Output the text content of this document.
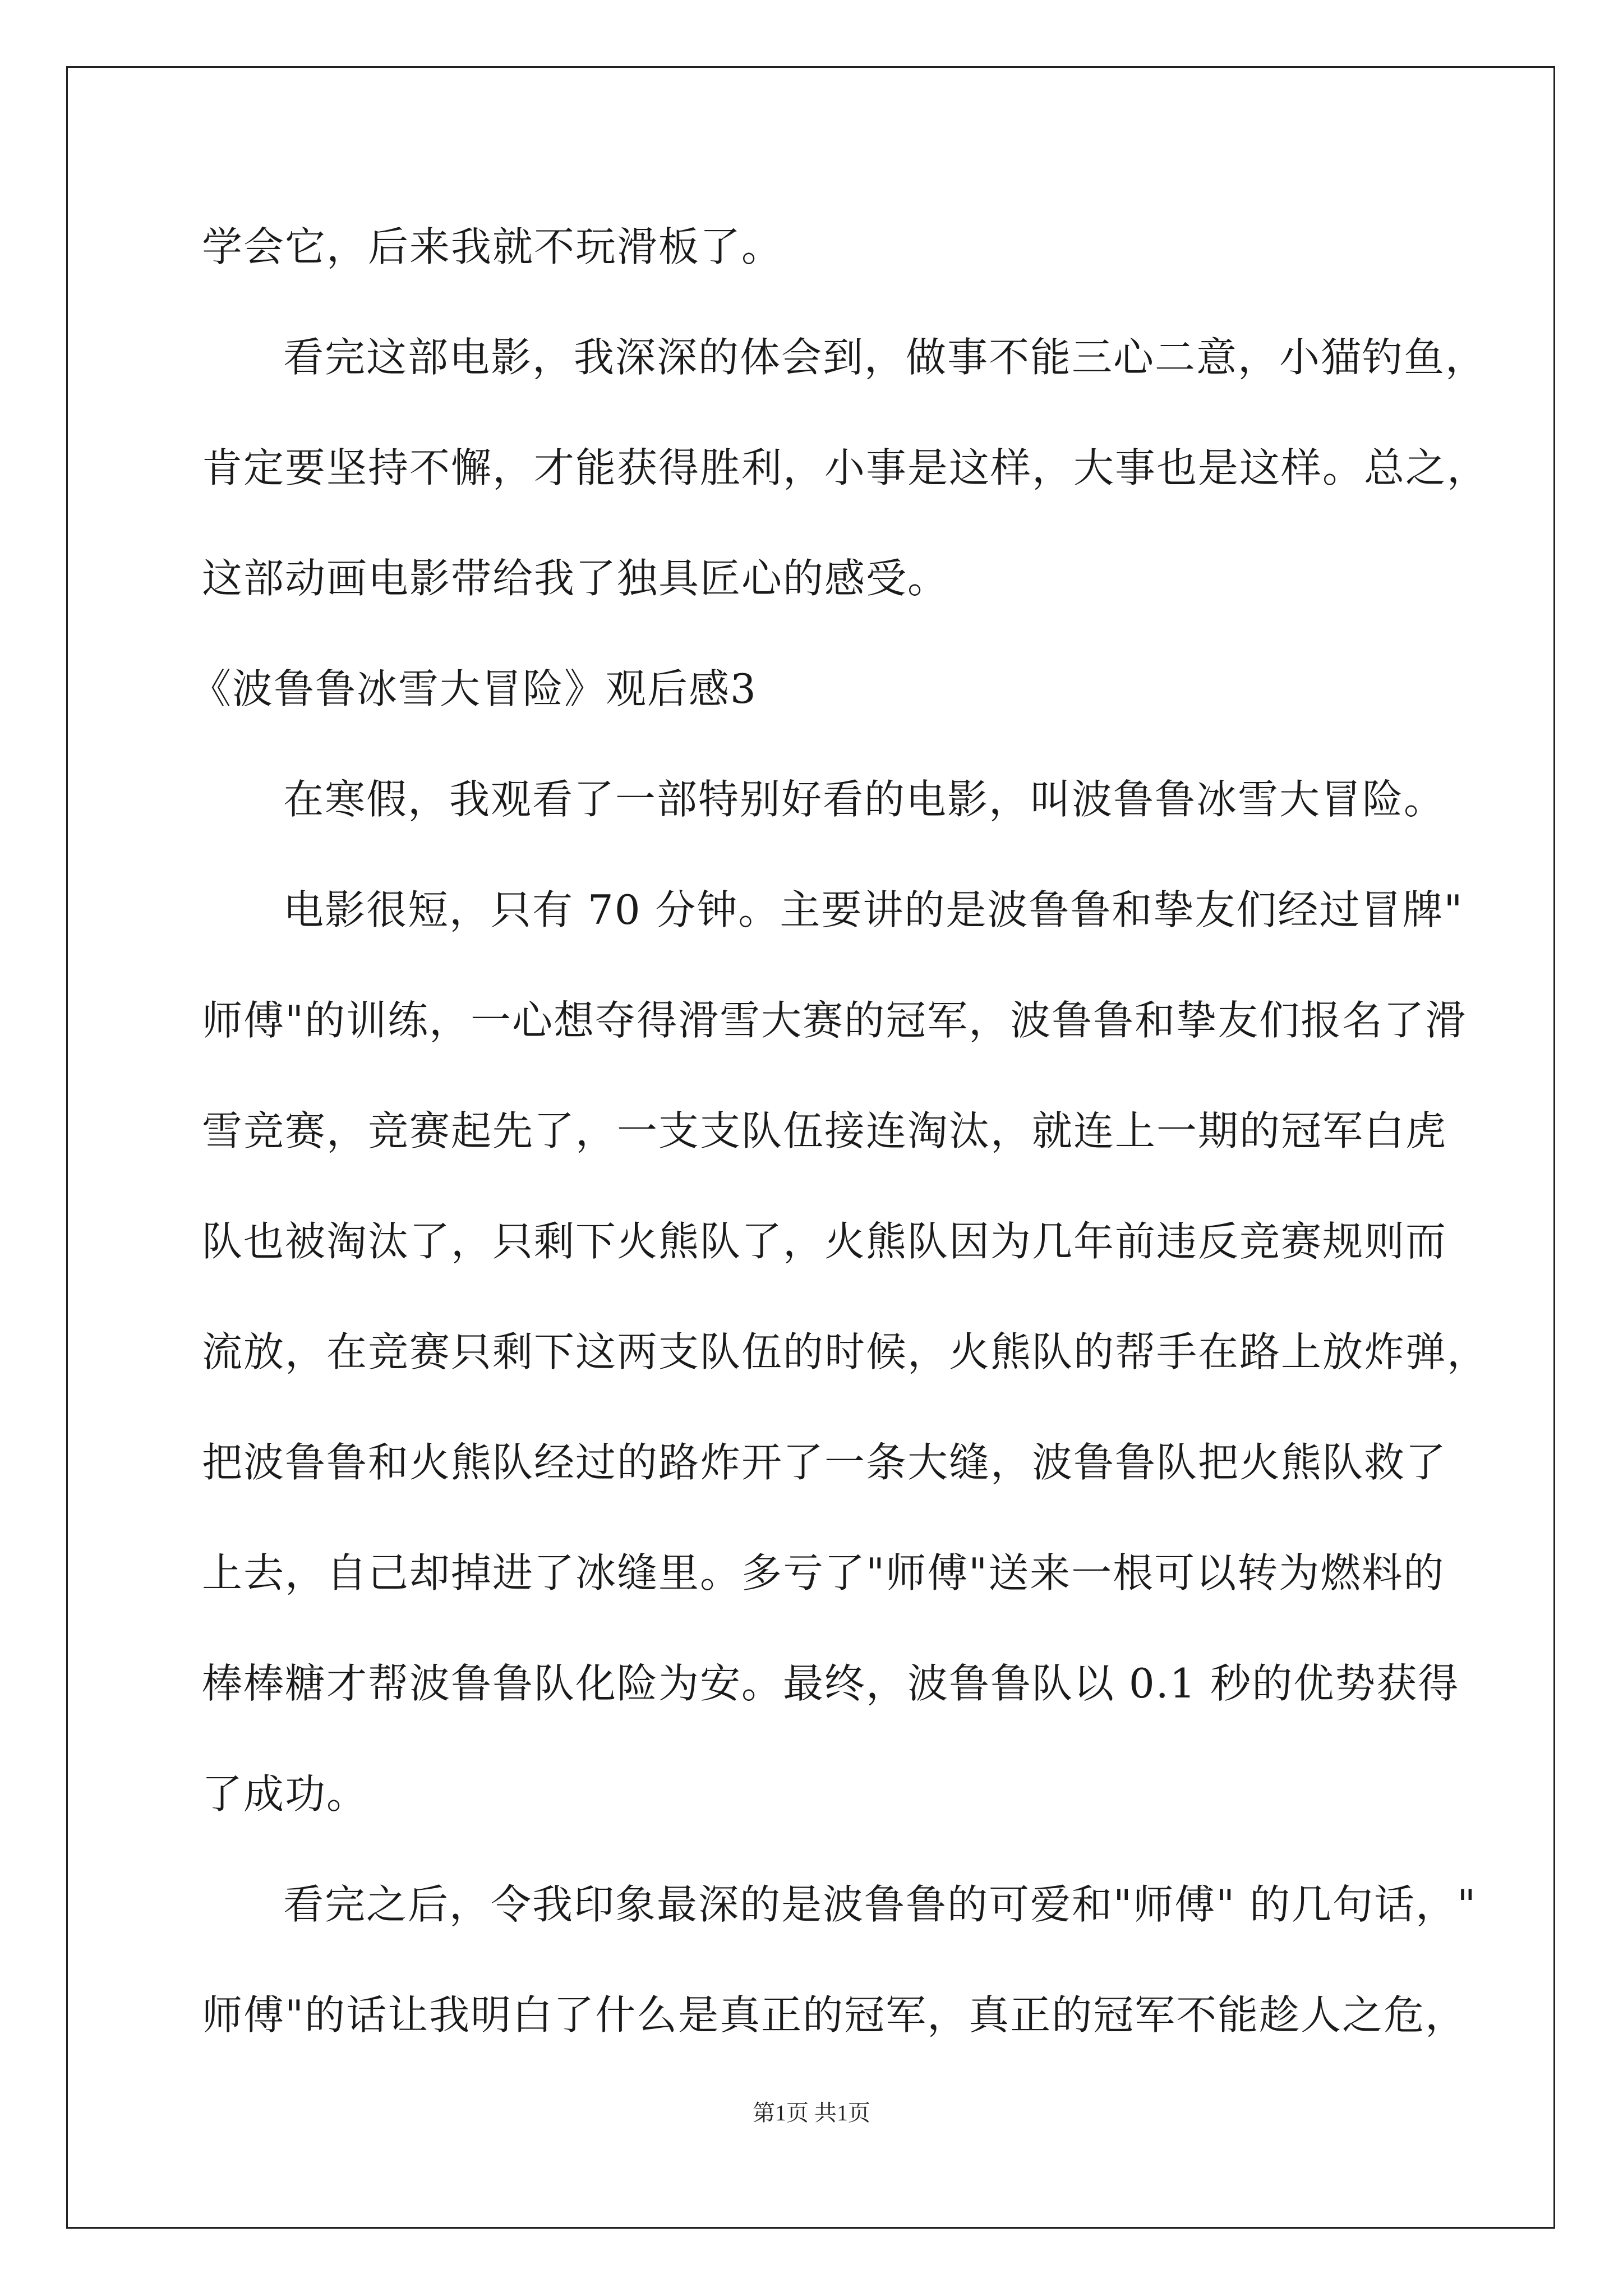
学会它，后来我就不玩滑板了。
看完这部电影，我深深的体会到，做事不能三心二意，小猫钓鱼，
肯定要坚持不懈，才能获得胜利，小事是这样，大事也是这样。总之，
这部动画电影带给我了独具匠心的感受。
《波鲁鲁冰雪大冒险》观后感3
在寒假，我观看了一部特别好看的电影，叫波鲁鲁冰雪大冒险。
电影很短，只有 70 分钟。主要讲的是波鲁鲁和挚友们经过冒牌"
师傅"的训练，一心想夺得滑雪大赛的冠军，波鲁鲁和挚友们报名了滑
雪竞赛，竞赛起先了，一支支队伍接连淘汰，就连上一期的冠军白虎
队也被淘汰了，只剩下火熊队了，火熊队因为几年前违反竞赛规则而
流放，在竞赛只剩下这两支队伍的时候，火熊队的帮手在路上放炸弹，
把波鲁鲁和火熊队经过的路炸开了一条大缝，波鲁鲁队把火熊队救了
上去，自己却掉进了冰缝里。多亏了"师傅"送来一根可以转为燃料的
棒棒糖才帮波鲁鲁队化险为安。最终，波鲁鲁队以 0.1 秒的优势获得
了成功。
看完之后，令我印象最深的是波鲁鲁的可爱和"师傅" 的几句话，"
师傅"的话让我明白了什么是真正的冠军，真正的冠军不能趁人之危，
第1页 共1页
